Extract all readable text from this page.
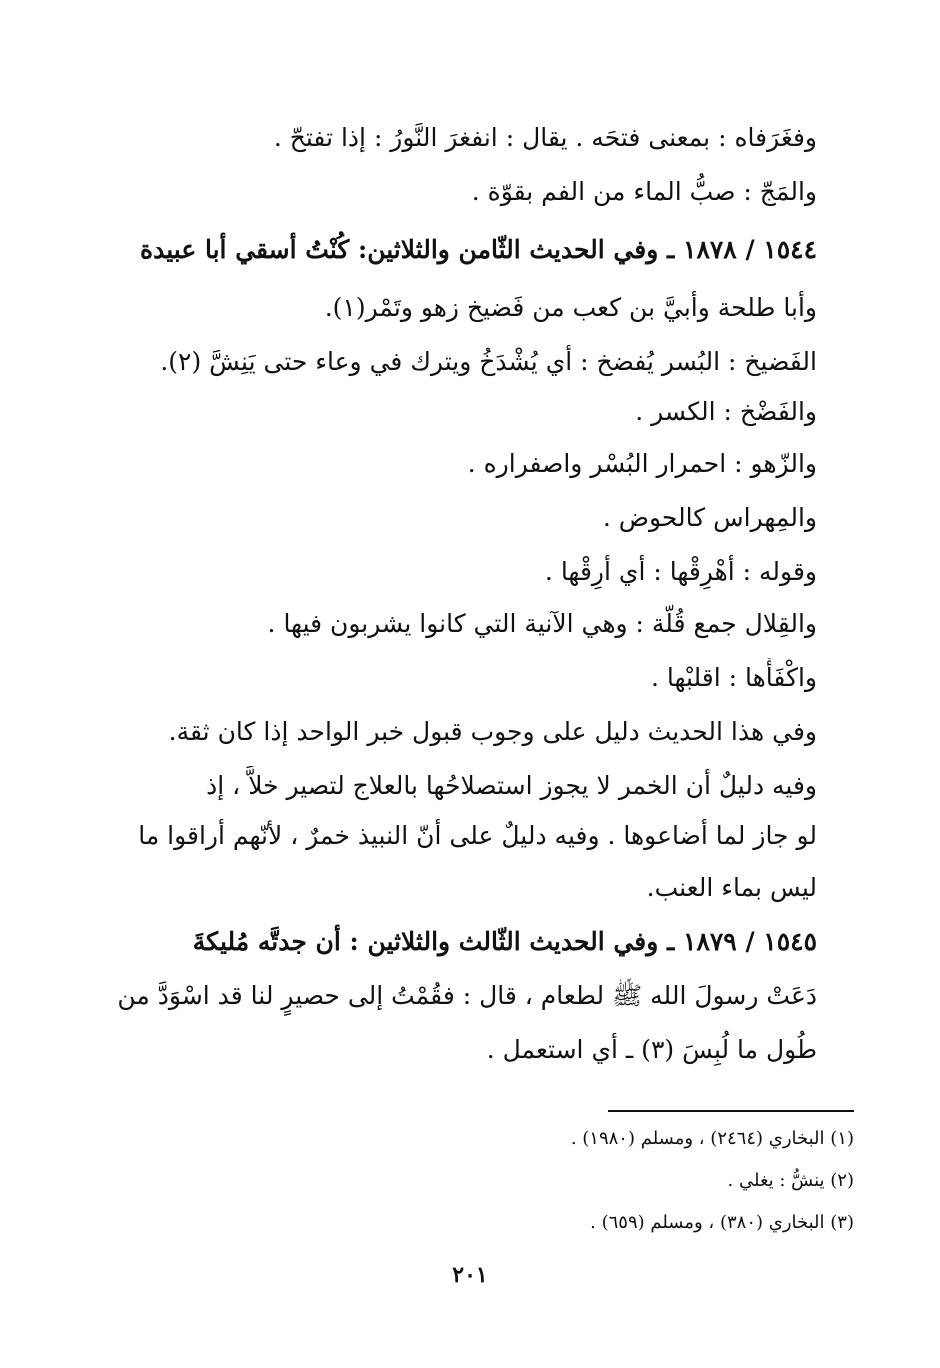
وفغَرَفاه : بمعنى فتحَه . يقال : انفغرَ النَّورُ : إذا تفتحّ .
والمَجّ : صبُّ الماء من الفم بقوّة .
١٥٤٤ / ١٨٧٨ ـ وفي الحديث الثّامن والثلاثين: كُنْتُ أسقي أبا عبيدة
وأبا طلحة وأبيَّ بن كعب من فَضيخ زهو وتَمْر(١).
الفَضيخ : البُسر يُفضخ : أي يُشْدَخُ ويترك في وعاء حتى يَنِشَّ (٢).
والفَضْخ : الكسر .
والزّهو : احمرار البُسْر واصفراره .
والمِهراس كالحوض .
وقوله : أهْرِقْها : أي أرِقْها .
والقِلال جمع قُلّة : وهي الآنية التي كانوا يشربون فيها .
واكْفَأْها : اقلبْها .
وفي هذا الحديث دليل على وجوب قبول خبر الواحد إذا كان ثقة.
وفيه دليلٌ أن الخمر لا يجوز استصلاحُها بالعلاج لتصير خلاًّ ، إذ
لو جاز لما أضاعوها . وفيه دليلٌ على أنّ النبيذ خمرٌ ، لأنّهم أراقوا ما
ليس بماء العنب.
١٥٤٥ / ١٨٧٩ ـ وفي الحديث الثّالث والثلاثين : أن جدتَّه مُليكةَ
دَعَتْ رسولَ الله ﷺ لطعام ، قال : فقُمْتُ إلى حصيرٍ لنا قد اسْوَدَّ من
طُول ما لُبِسَ (٣) ـ أي استعمل .
(١) البخاري (٢٤٦٤) ، ومسلم (١٩٨٠) .
(٢) ينشُّ : يغلي .
(٣) البخاري (٣٨٠) ، ومسلم (٦٥٩) .
٢٠١
